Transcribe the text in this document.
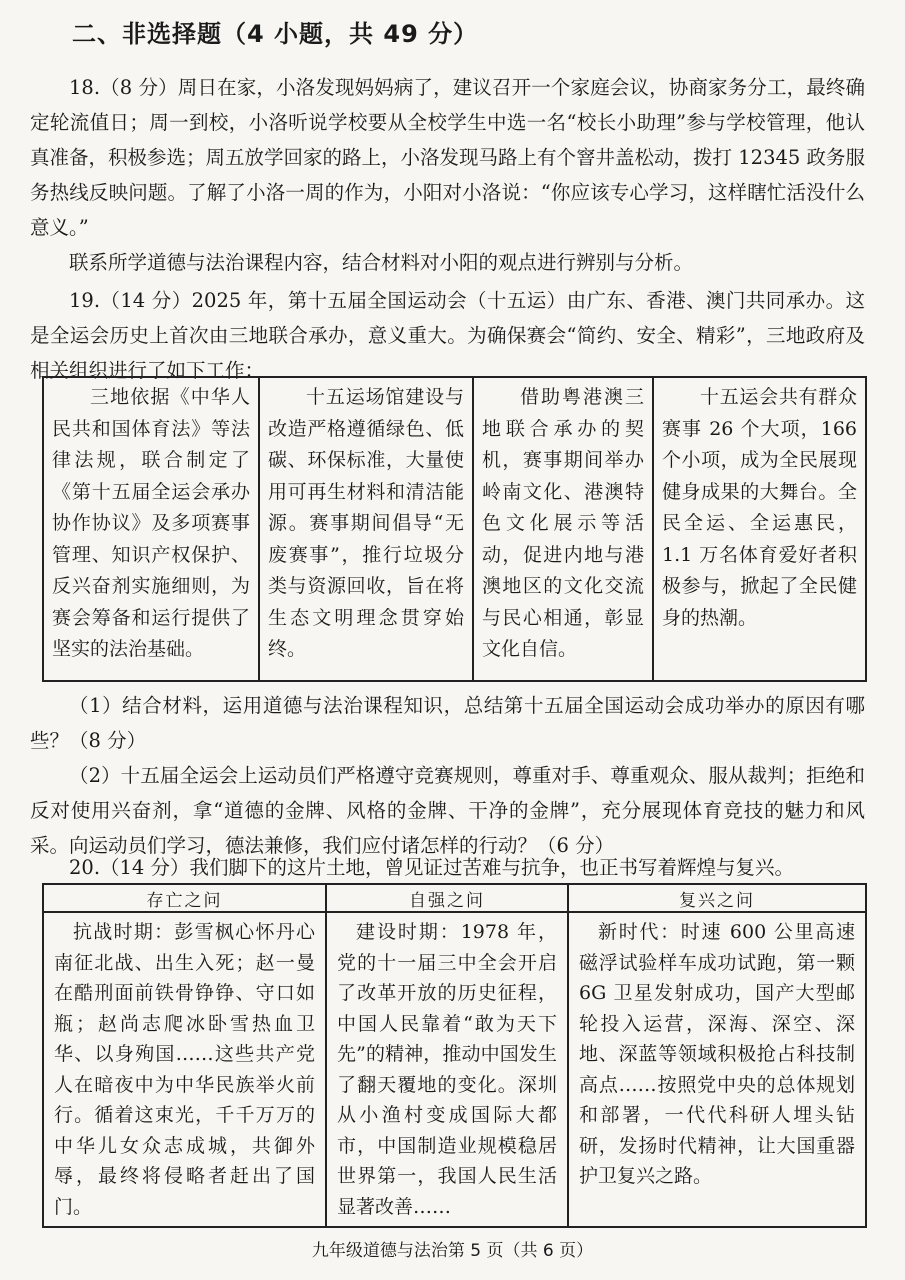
二、非选择题（4 小题，共 49 分）

18.（8 分）周日在家，小洛发现妈妈病了，建议召开一个家庭会议，协商家务分工，最终确定轮流值日；周一到校，小洛听说学校要从全校学生中选一名“校长小助理”参与学校管理，他认真准备，积极参选；周五放学回家的路上，小洛发现马路上有个窨井盖松动，拨打 12345 政务服务热线反映问题。了解了小洛一周的作为，小阳对小洛说：“你应该专心学习，这样瞎忙活没什么意义。”

联系所学道德与法治课程内容，结合材料对小阳的观点进行辨别与分析。

19.（14 分）2025 年，第十五届全国运动会（十五运）由广东、香港、澳门共同承办。这是全运会历史上首次由三地联合承办，意义重大。为确保赛会“简约、安全、精彩”，三地政府及相关组织进行了如下工作：

三地依据《中华人民共和国体育法》等法律法规，联合制定了《第十五届全运会承办协作协议》及多项赛事管理、知识产权保护、反兴奋剂实施细则，为赛会筹备和运行提供了坚实的法治基础。	十五运场馆建设与改造严格遵循绿色、低碳、环保标准，大量使用可再生材料和清洁能源。赛事期间倡导“无废赛事”，推行垃圾分类与资源回收，旨在将生态文明理念贯穿始终。	借助粤港澳三地联合承办的契机，赛事期间举办岭南文化、港澳特色文化展示等活动，促进内地与港澳地区的文化交流与民心相通，彰显文化自信。	十五运会共有群众赛事 26 个大项，166 个小项，成为全民展现健身成果的大舞台。全民全运、全运惠民，1.1 万名体育爱好者积极参与，掀起了全民健身的热潮。

（1）结合材料，运用道德与法治课程知识，总结第十五届全国运动会成功举办的原因有哪些？（8 分）

（2）十五届全运会上运动员们严格遵守竞赛规则，尊重对手、尊重观众、服从裁判；拒绝和反对使用兴奋剂，拿“道德的金牌、风格的金牌、干净的金牌”，充分展现体育竞技的魅力和风采。向运动员们学习，德法兼修，我们应付诸怎样的行动？（6 分）

20.（14 分）我们脚下的这片土地，曾见证过苦难与抗争，也正书写着辉煌与复兴。

存亡之问	自强之问	复兴之问
抗战时期：彭雪枫心怀丹心南征北战、出生入死；赵一曼在酷刑面前铁骨铮铮、守口如瓶；赵尚志爬冰卧雪热血卫华、以身殉国……这些共产党人在暗夜中为中华民族举火前行。循着这束光，千千万万的中华儿女众志成城，共御外辱，最终将侵略者赶出了国门。	建设时期：1978 年，党的十一届三中全会开启了改革开放的历史征程，中国人民靠着“敢为天下先”的精神，推动中国发生了翻天覆地的变化。深圳从小渔村变成国际大都市，中国制造业规模稳居世界第一，我国人民生活显著改善……	新时代：时速 600 公里高速磁浮试验样车成功试跑，第一颗 6G 卫星发射成功，国产大型邮轮投入运营，深海、深空、深地、深蓝等领域积极抢占科技制高点……按照党中央的总体规划和部署，一代代科研人埋头钻研，发扬时代精神，让大国重器护卫复兴之路。
九年级道德与法治第 5 页（共 6 页）
